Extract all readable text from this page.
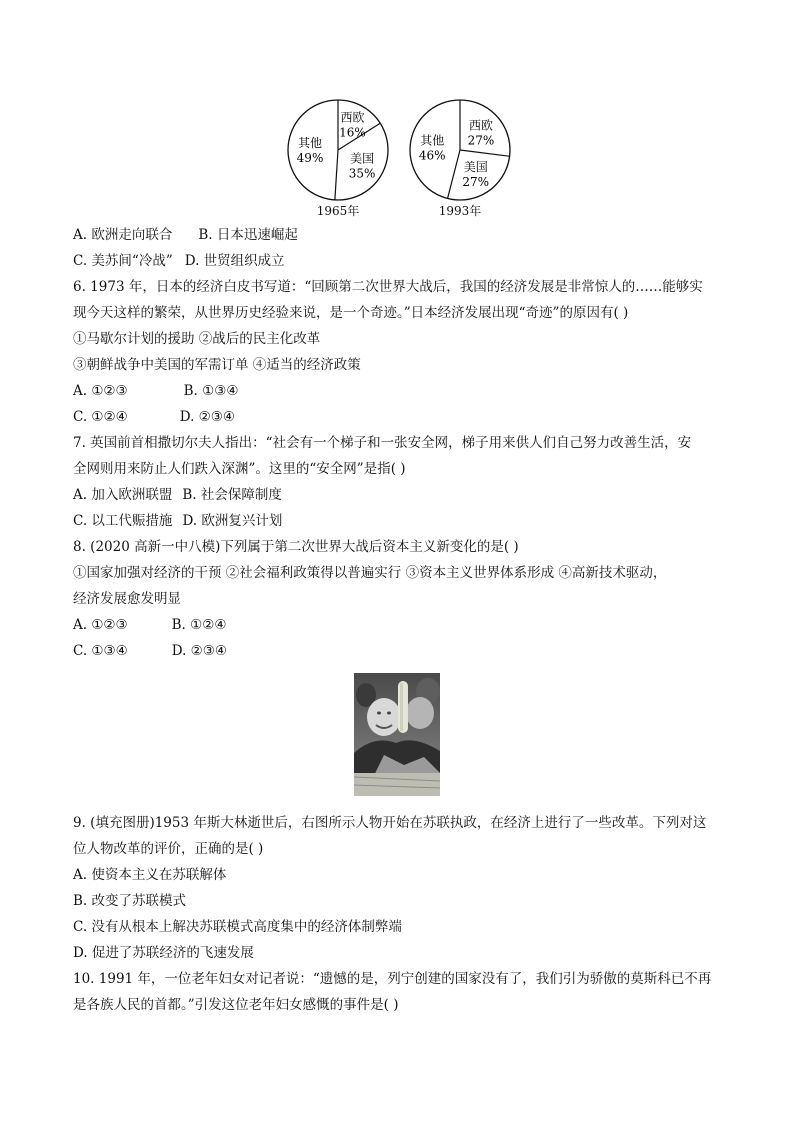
西欧
16%
美国
35%
其他
49%
1965年
西欧
27%
美国
27%
其他
46%
1993年
A. 欧洲走向联合 B. 日本迅速崛起
C. 美苏间“冷战” D. 世贸组织成立
6. 1973 年，日本的经济白皮书写道：“回顾第二次世界大战后，我国的经济发展是非常惊人的……能够实
现今天这样的繁荣，从世界历史经验来说，是一个奇迹。”日本经济发展出现“奇迹”的原因有( )
①马歇尔计划的援助 ②战后的民主化改革
③朝鲜战争中美国的军需订单 ④适当的经济政策
A. ①②③	B. ①③④
C. ①②④	D. ②③④
7. 英国前首相撒切尔夫人指出：“社会有一个梯子和一张安全网，梯子用来供人们自己努力改善生活，安
全网则用来防止人们跌入深渊”。这里的“安全网”是指( )
A. 加入欧洲联盟 B. 社会保障制度
C. 以工代赈措施 D. 欧洲复兴计划
8. (2020 高新一中八模)下列属于第二次世界大战后资本主义新变化的是( )
①国家加强对经济的干预 ②社会福利政策得以普遍实行 ③资本主义世界体系形成 ④高新技术驱动，
经济发展愈发明显
A. ①②③	B. ①②④
C. ①③④	D. ②③④
9. (填充图册)1953 年斯大林逝世后，右图所示人物开始在苏联执政，在经济上进行了一些改革。下列对这
位人物改革的评价，正确的是( )
A. 使资本主义在苏联解体
B. 改变了苏联模式
C. 没有从根本上解决苏联模式高度集中的经济体制弊端
D. 促进了苏联经济的飞速发展
10. 1991 年，一位老年妇女对记者说：“遗憾的是，列宁创建的国家没有了，我们引为骄傲的莫斯科已不再
是各族人民的首都。”引发这位老年妇女感慨的事件是( )
